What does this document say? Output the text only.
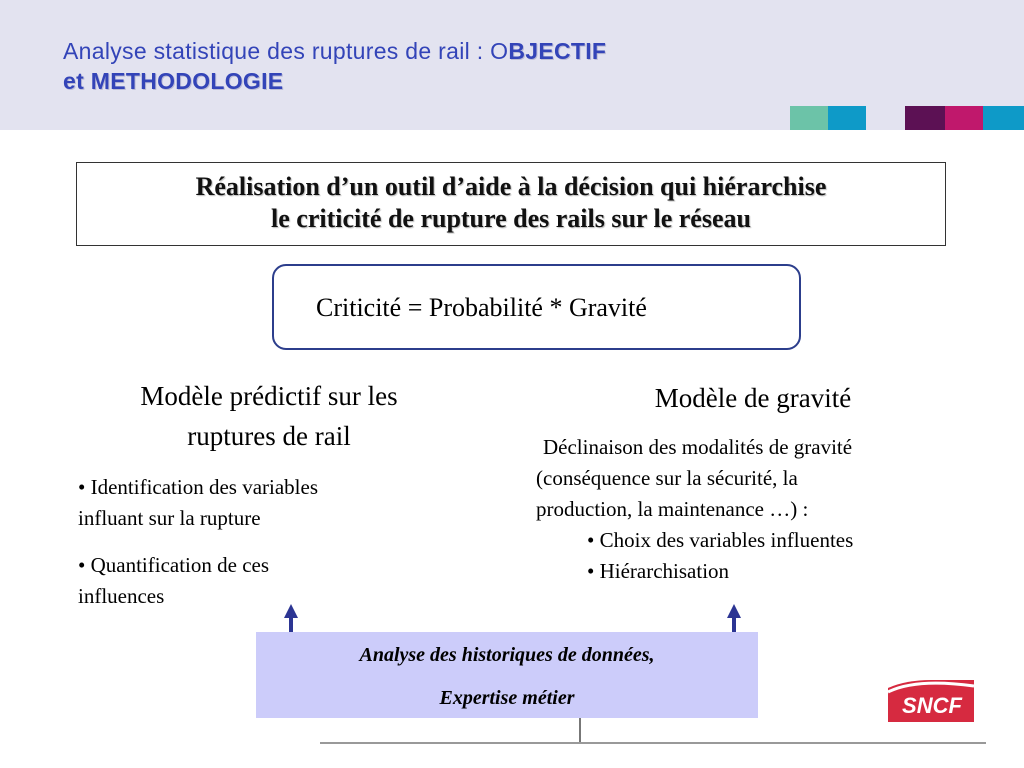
Analyse statistique des ruptures de rail : OBJECTIF
et METHODOLOGIE
Réalisation d’un outil d’aide à la décision qui hiérarchise
le criticité de rupture des rails sur le réseau
Criticité = Probabilité * Gravité
Modèle prédictif sur les
ruptures de rail
• Identification des variables
influant sur la rupture
• Quantification de ces
influences
Modèle de gravité
Déclinaison des modalités de gravité
(conséquence sur la sécurité, la
production, la maintenance …) :
• Choix des variables influentes
• Hiérarchisation
Analyse des historiques de données,
Expertise métier	SNCF
